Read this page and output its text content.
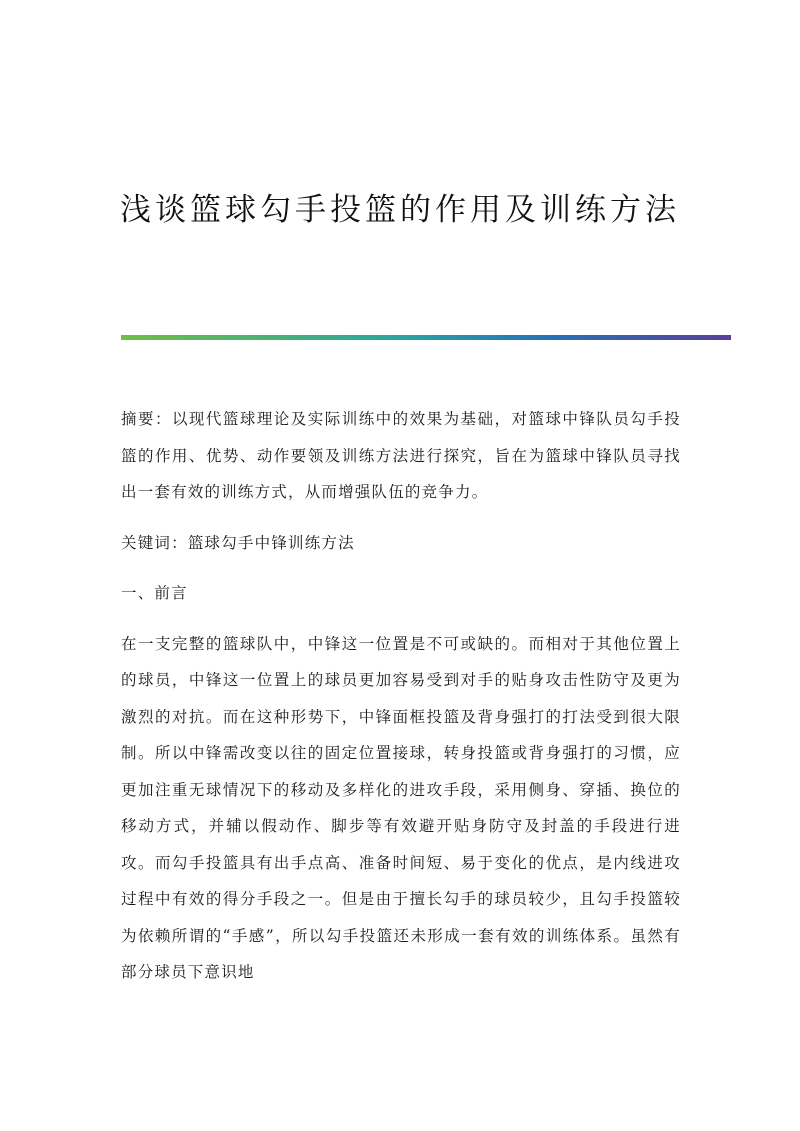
浅谈篮球勾手投篮的作用及训练方法

摘要：以现代篮球理论及实际训练中的效果为基础，对篮球中锋队员勾手投篮的作用、优势、动作要领及训练方法进行探究，旨在为篮球中锋队员寻找出一套有效的训练方式，从而增强队伍的竞争力。

关键词：篮球勾手中锋训练方法

一、前言

在一支完整的篮球队中，中锋这一位置是不可或缺的。而相对于其他位置上的球员，中锋这一位置上的球员更加容易受到对手的贴身攻击性防守及更为激烈的对抗。而在这种形势下，中锋面框投篮及背身强打的打法受到很大限制。所以中锋需改变以往的固定位置接球，转身投篮或背身强打的习惯，应更加注重无球情况下的移动及多样化的进攻手段，采用侧身、穿插、换位的移动方式，并辅以假动作、脚步等有效避开贴身防守及封盖的手段进行进攻。而勾手投篮具有出手点高、准备时间短、易于变化的优点，是内线进攻过程中有效的得分手段之一。但是由于擅长勾手的球员较少，且勾手投篮较为依赖所谓的“手感”，所以勾手投篮还未形成一套有效的训练体系。虽然有部分球员下意识地
